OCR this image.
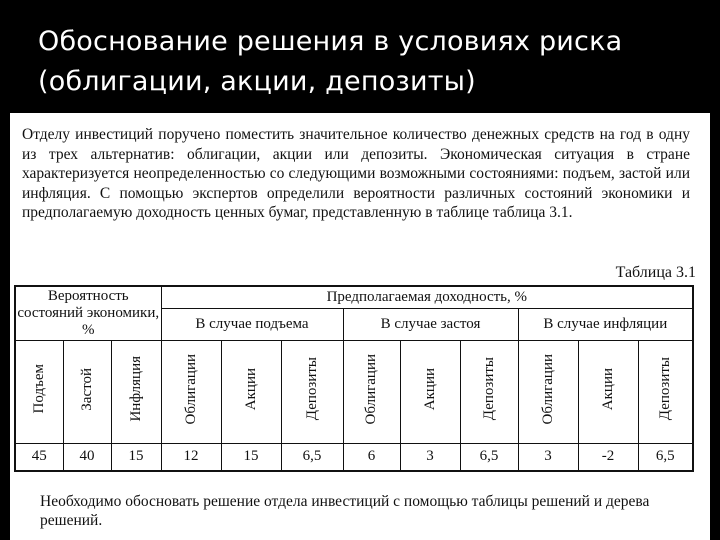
Обоснование решения в условиях риска (облигации, акции, депозиты)

Отделу инвестиций поручено поместить значительное количество денежных средств на год в одну из трех альтернатив: облигации, акции или депозиты. Экономическая ситуация в стране характеризуется неопределенностью со следующими возможными состояниями: подъем, застой или инфляция. С помощью экспертов определили вероятности различных состояний экономики и предполагаемую доходность ценных бумаг, представленную в таблице таблица 3.1.

Таблица 3.1
Вероятность состояний экономики, %			Предполагаемая доходность, %								
			В случае подъема			В случае застоя			В случае инфляции		
Подъем	Застой	Инфляция	Облигации	Акции	Депозиты	Облигации	Акции	Депозиты	Облигации	Акции	Депозиты
45	40	15	12	15	6,5	6	3	6,5	3	-2	6,5

Необходимо обосновать решение отдела инвестиций с помощью таблицы решений и дерева решений.
